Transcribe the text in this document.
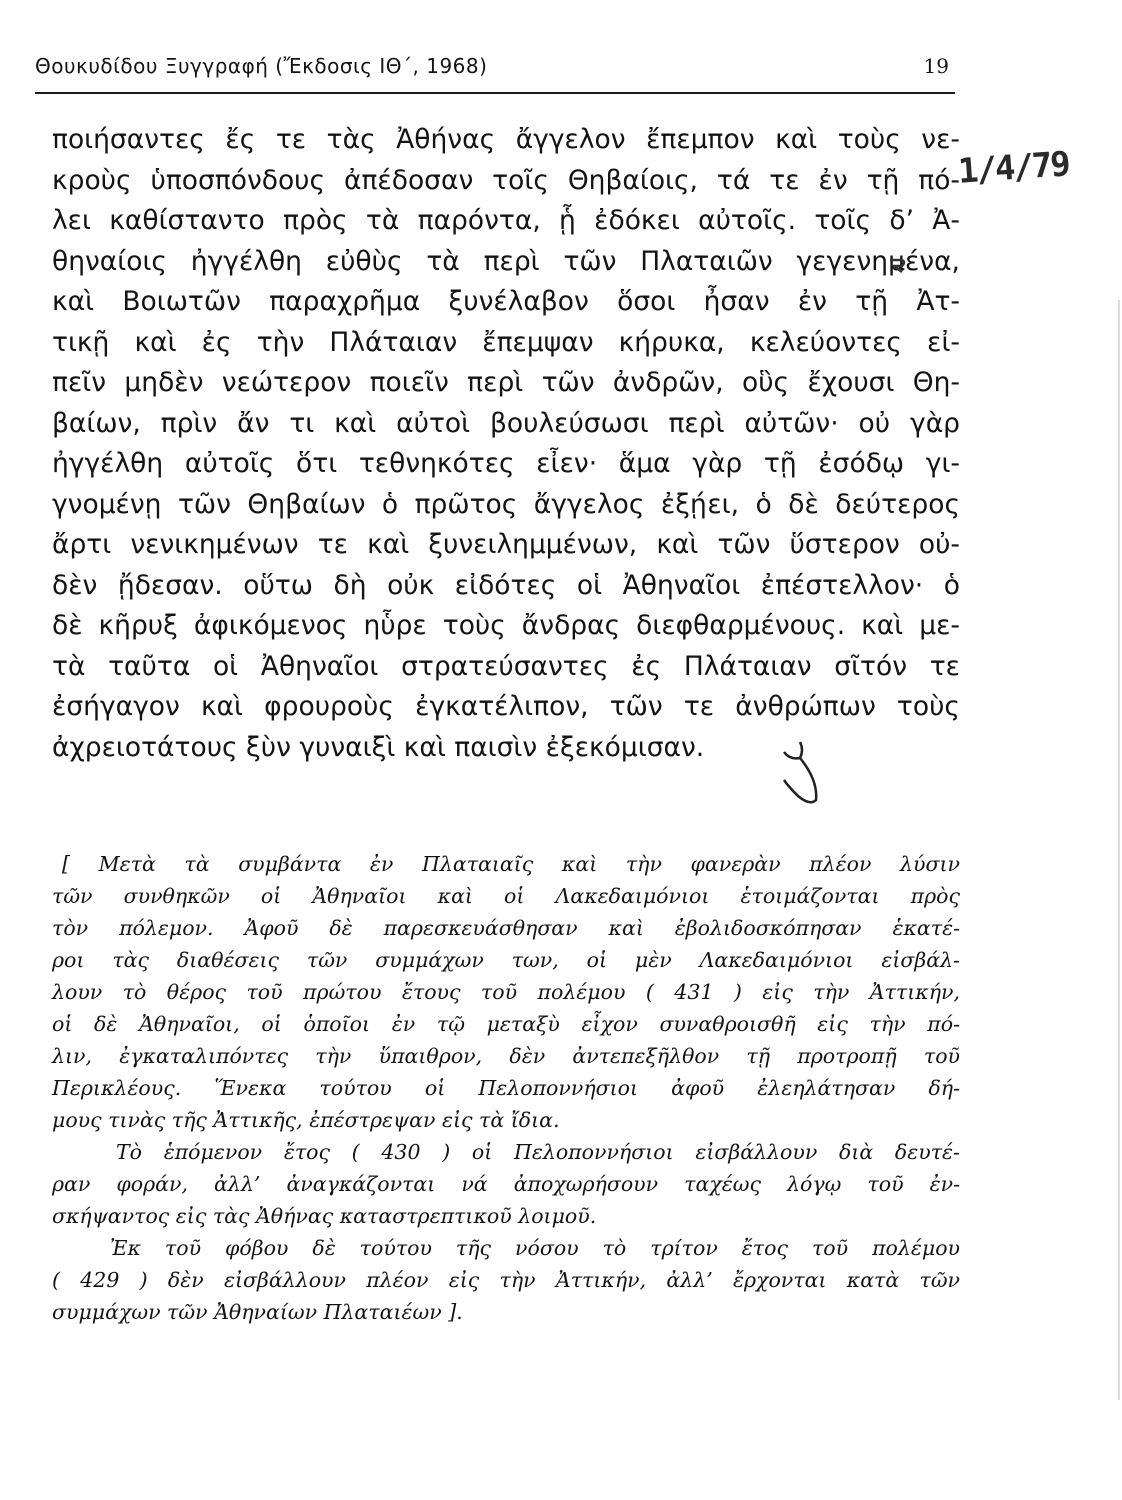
Θουκυδίδου Ξυγγραφή (Ἔκδοσις ΙΘ΄, 1968)	19
ποιήσαντες ἔς τε τὰς Ἀθήνας ἄγγελον ἔπεμπον καὶ τοὺς νε-
κροὺς ὑποσπόνδους ἀπέδοσαν τοῖς Θηβαίοις, τά τε ἐν τῇ πό-
λει καθίσταντο πρὸς τὰ παρόντα, ᾗ ἐδόκει αὐτοῖς. τοῖς δ’ Ἀ-
θηναίοις ἠγγέλθη εὐθὺς τὰ περὶ τῶν Πλαταιῶν γεγενημένα,
καὶ Βοιωτῶν παραχρῆμα ξυνέλαβον ὅσοι ἦσαν ἐν τῇ Ἀτ-
τικῇ καὶ ἐς τὴν Πλάταιαν ἔπεμψαν κήρυκα, κελεύοντες εἰ-
πεῖν μηδὲν νεώτερον ποιεῖν περὶ τῶν ἀνδρῶν, οὓς ἔχουσι Θη-
βαίων, πρὶν ἄν τι καὶ αὐτοὶ βουλεύσωσι περὶ αὐτῶν· οὐ γὰρ
ἠγγέλθη αὐτοῖς ὅτι τεθνηκότες εἶεν· ἅμα γὰρ τῇ ἐσόδῳ γι-
γνομένῃ τῶν Θηβαίων ὁ πρῶτος ἄγγελος ἐξῄει, ὁ δὲ δεύτερος
ἄρτι νενικημένων τε καὶ ξυνειλημμένων, καὶ τῶν ὕστερον οὐ-
δὲν ᾔδεσαν. οὕτω δὴ οὐκ εἰδότες οἱ Ἀθηναῖοι ἐπέστελλον· ὁ
δὲ κῆρυξ ἀφικόμενος ηὗρε τοὺς ἄνδρας διεφθαρμένους. καὶ με-
τὰ ταῦτα οἱ Ἀθηναῖοι στρατεύσαντες ἐς Πλάταιαν σῖτόν τε
ἐσήγαγον καὶ φρουροὺς ἐγκατέλιπον, τῶν τε ἀνθρώπων τοὺς
ἀχρειοτάτους ξὺν γυναιξὶ καὶ παισὶν ἐξεκόμισαν.
1/4/79
[ Μετὰ τὰ συμβάντα ἐν Πλαταιαῖς καὶ τὴν φανερὰν πλέον λύσιν
τῶν συνθηκῶν οἱ Ἀθηναῖοι καὶ οἱ Λακεδαιμόνιοι ἑτοιμάζονται πρὸς
τὸν πόλεμον. Ἀφοῦ δὲ παρεσκευάσθησαν καὶ ἐβολιδοσκόπησαν ἑκατέ-
ροι τὰς διαθέσεις τῶν συμμάχων των, οἱ μὲν Λακεδαιμόνιοι εἰσβάλ-
λουν τὸ θέρος τοῦ πρώτου ἔτους τοῦ πολέμου ( 431 ) εἰς τὴν Ἀττικήν,
οἱ δὲ Ἀθηναῖοι, οἱ ὁποῖοι ἐν τῷ μεταξὺ εἶχον συναθροισθῆ εἰς τὴν πό-
λιν, ἐγκαταλιπόντες τὴν ὕπαιθρον, δὲν ἀντεπεξῆλθον τῇ προτροπῇ τοῦ
Περικλέους. Ἕνεκα τούτου οἱ Πελοποννήσιοι ἀφοῦ ἐλεηλάτησαν δή-
μους τινὰς τῆς Ἀττικῆς, ἐπέστρεψαν εἰς τὰ ἴδια.
Τὸ ἑπόμενον ἔτος ( 430 ) οἱ Πελοποννήσιοι εἰσβάλλουν διὰ δευτέ-
ραν φοράν, ἀλλ’ ἀναγκάζονται νά ἀποχωρήσουν ταχέως λόγῳ τοῦ ἐν-
σκήψαντος εἰς τὰς Ἀθήνας καταστρεπτικοῦ λοιμοῦ.
Ἐκ τοῦ φόβου δὲ τούτου τῆς νόσου τὸ τρίτον ἔτος τοῦ πολέμου
( 429 ) δὲν εἰσβάλλουν πλέον εἰς τὴν Ἀττικήν, ἀλλ’ ἔρχονται κατὰ τῶν
συμμάχων τῶν Ἀθηναίων Πλαταιέων ].
